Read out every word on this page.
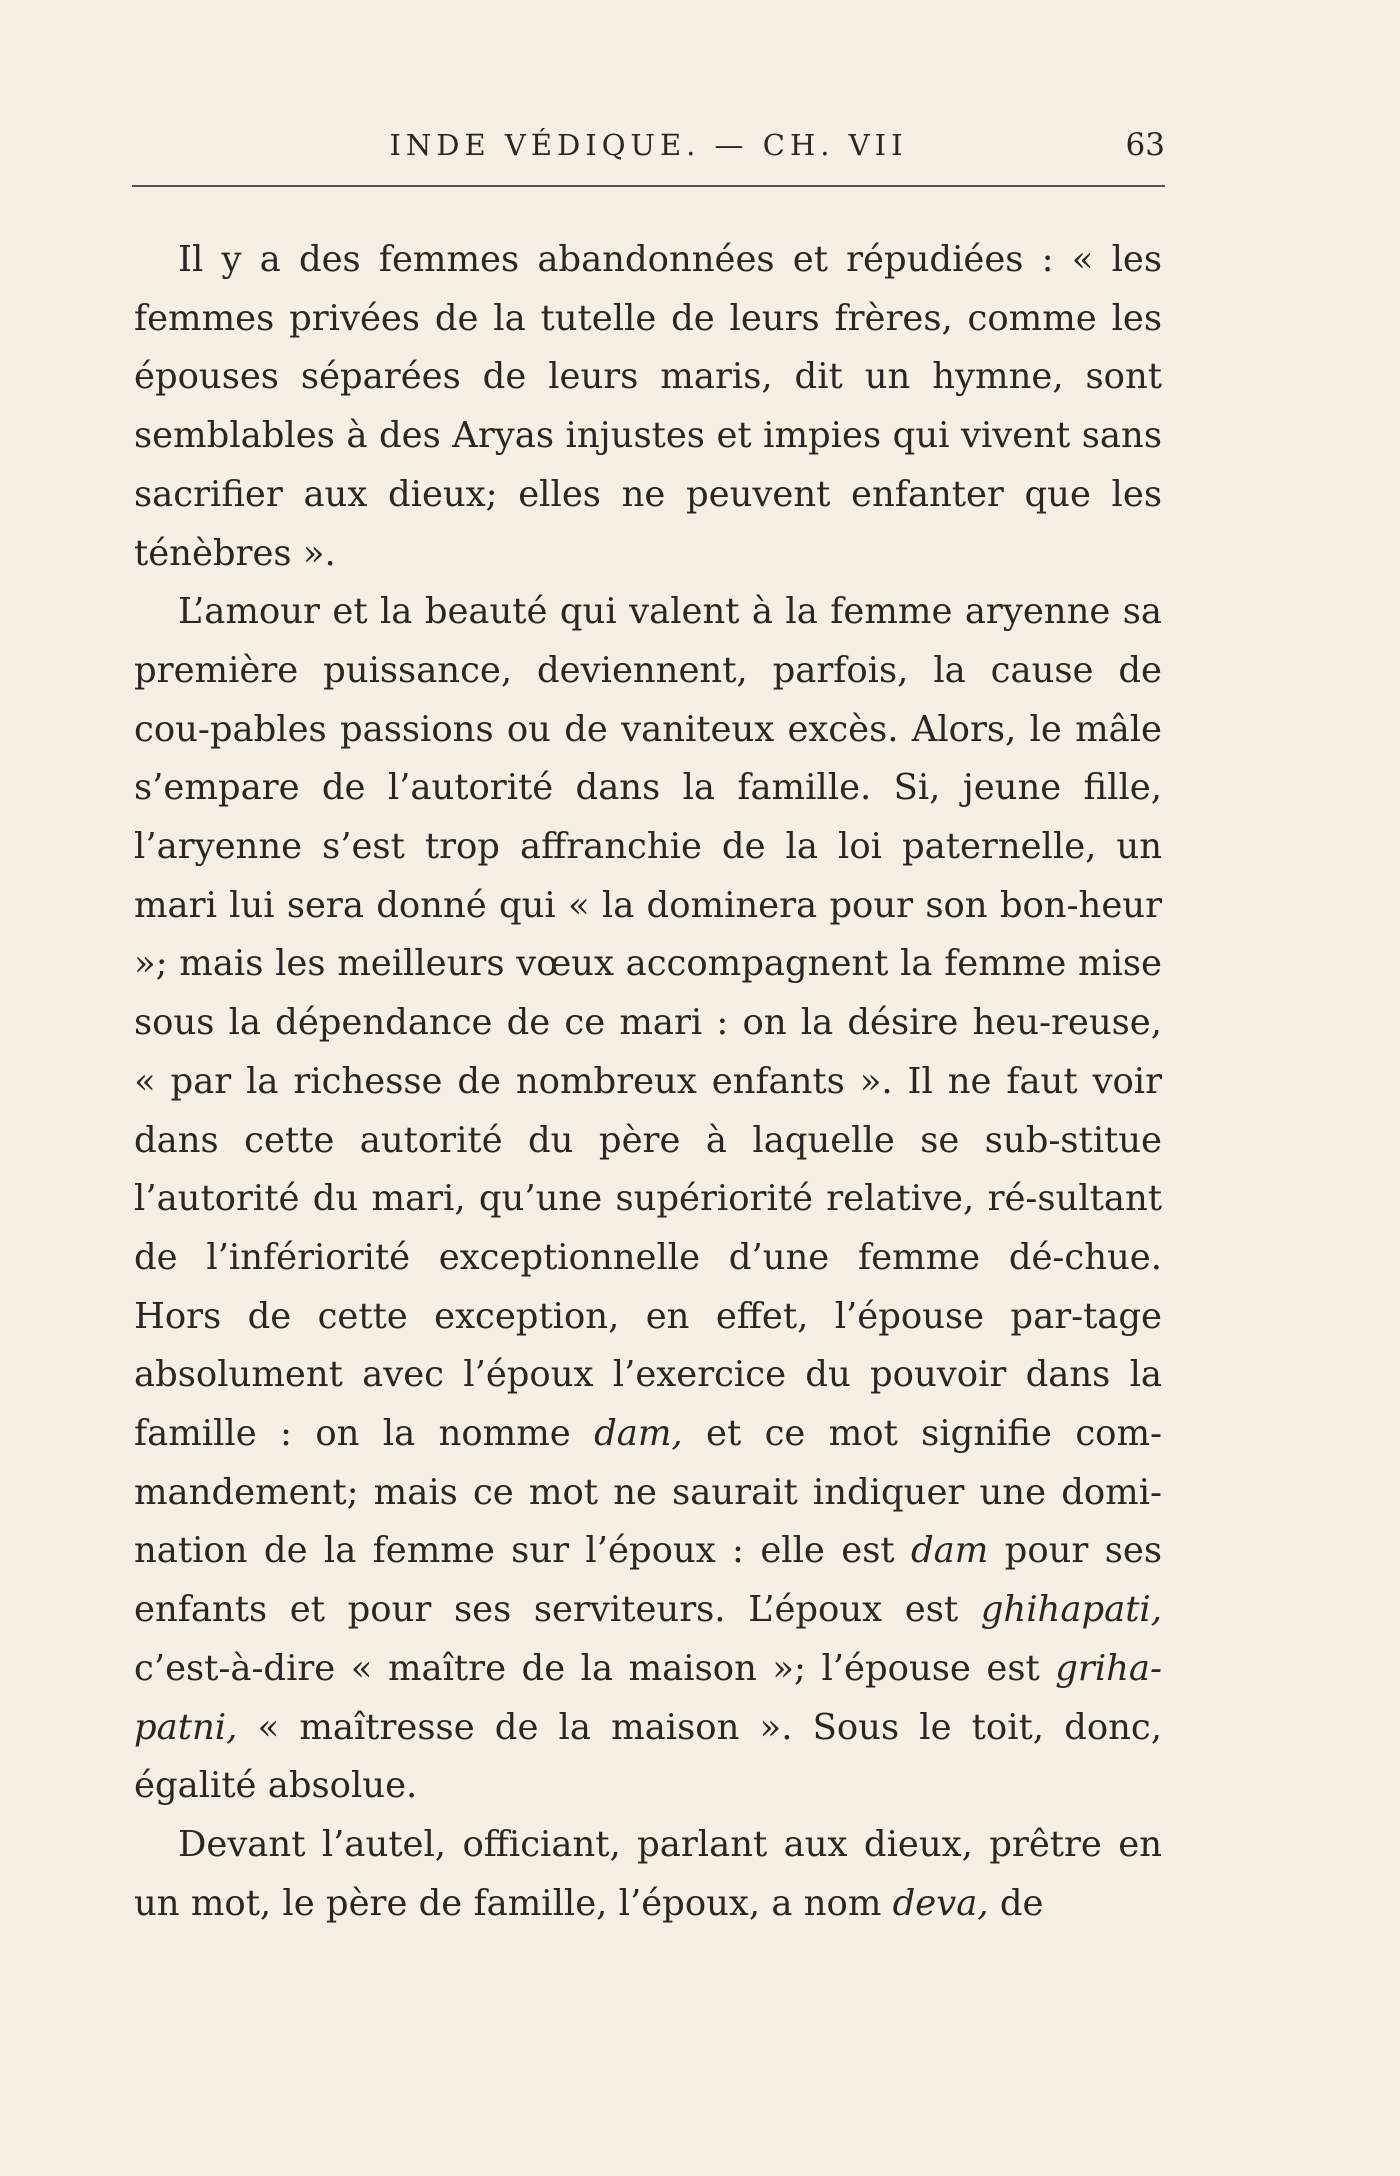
INDE VÉDIQUE. — CH. VII	63

Il y a des femmes abandonnées et répudiées : « les femmes privées de la tutelle de leurs frères, comme les épouses séparées de leurs maris, dit un hymne, sont semblables à des Aryas injustes et impies qui vivent sans sacrifier aux dieux; elles ne peuvent enfanter que les ténèbres ».

L’amour et la beauté qui valent à la femme aryenne sa première puissance, deviennent, parfois, la cause de cou-pables passions ou de vaniteux excès. Alors, le mâle s’empare de l’autorité dans la famille. Si, jeune fille, l’aryenne s’est trop affranchie de la loi paternelle, un mari lui sera donné qui « la dominera pour son bon-heur »; mais les meilleurs vœux accompagnent la femme mise sous la dépendance de ce mari : on la désire heu-reuse, « par la richesse de nombreux enfants ». Il ne faut voir dans cette autorité du père à laquelle se sub-stitue l’autorité du mari, qu’une supériorité relative, ré-sultant de l’infériorité exceptionnelle d’une femme dé-chue. Hors de cette exception, en effet, l’épouse par-tage absolument avec l’époux l’exercice du pouvoir dans la famille : on la nomme dam, et ce mot signifie com-mandement; mais ce mot ne saurait indiquer une domi-nation de la femme sur l’époux : elle est dam pour ses enfants et pour ses serviteurs. L’époux est ghihapati, c’est-à-dire « maître de la maison »; l’épouse est griha-patni, « maîtresse de la maison ». Sous le toit, donc, égalité absolue.

Devant l’autel, officiant, parlant aux dieux, prêtre en un mot, le père de famille, l’époux, a nom deva, de
